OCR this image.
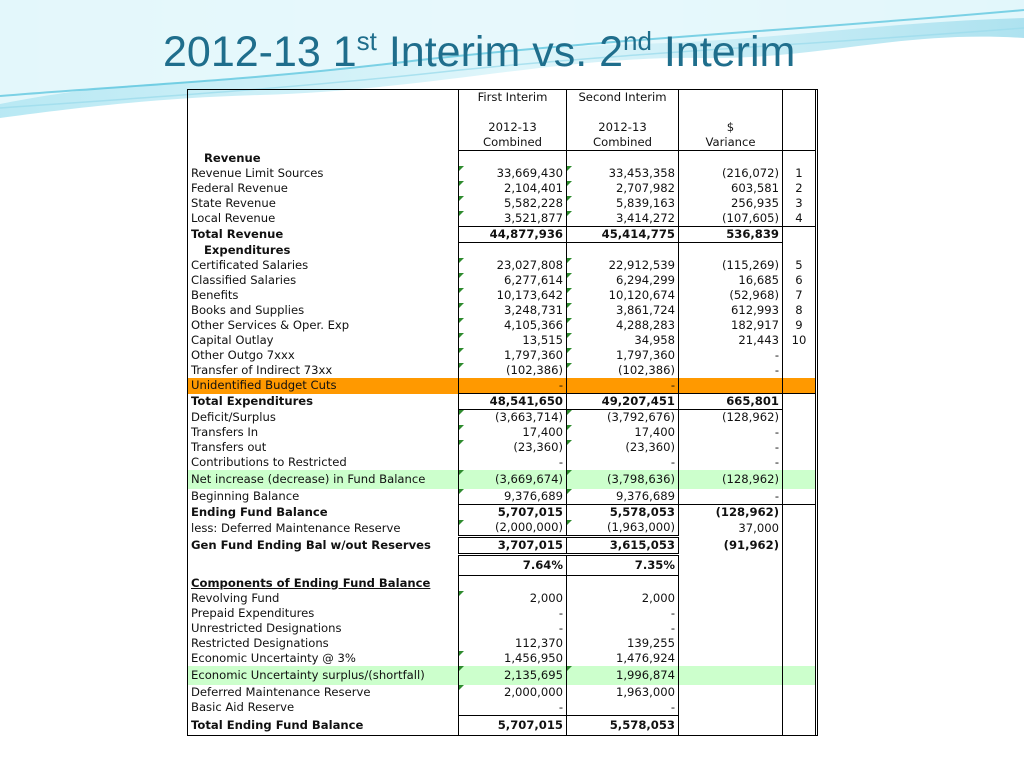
2012-13 1st Interim vs. 2nd Interim
	First Interim	Second Interim			

	2012-13	2012-13	$		
	Combined	Combined	Variance		
Revenue					
Revenue Limit Sources	33,669,430	33,453,358	(216,072)	1	
Federal Revenue	2,104,401	2,707,982	603,581	2	
State Revenue	5,582,228	5,839,163	256,935	3	
Local Revenue	3,521,877	3,414,272	(107,605)	4	
Total Revenue	44,877,936	45,414,775	536,839		
Expenditures					
Certificated Salaries	23,027,808	22,912,539	(115,269)	5	
Classified Salaries	6,277,614	6,294,299	16,685	6	
Benefits	10,173,642	10,120,674	(52,968)	7	
Books and Supplies	3,248,731	3,861,724	612,993	8	
Other Services & Oper. Exp	4,105,366	4,288,283	182,917	9	
Capital Outlay	13,515	34,958	21,443	10	
Other Outgo 7xxx	1,797,360	1,797,360	-		
Transfer of Indirect 73xx	(102,386)	(102,386)	-		
Unidentified Budget Cuts	-	-			
Total Expenditures	48,541,650	49,207,451	665,801		
Deficit/Surplus	(3,663,714)	(3,792,676)	(128,962)		
Transfers In	17,400	17,400	-		
Transfers out	(23,360)	(23,360)	-		
Contributions to Restricted	-	-	-		
Net increase (decrease) in Fund Balance	(3,669,674)	(3,798,636)	(128,962)		
Beginning Balance	9,376,689	9,376,689	-		
Ending Fund Balance	5,707,015	5,578,053	(128,962)		
less: Deferred Maintenance Reserve	(2,000,000)	(1,963,000)	37,000		
Gen Fund Ending Bal w/out Reserves	3,707,015	3,615,053	(91,962)		
	7.64%	7.35%			
Components of Ending Fund Balance					
Revolving Fund	2,000	2,000			
Prepaid Expenditures	-	-			
Unrestricted Designations	-	-			
Restricted Designations	112,370	139,255			
Economic Uncertainty @ 3%	1,456,950	1,476,924			
Economic Uncertainty surplus/(shortfall)	2,135,695	1,996,874			
Deferred Maintenance Reserve	2,000,000	1,963,000			
Basic Aid Reserve	-	-			
Total Ending Fund Balance	5,707,015	5,578,053			
